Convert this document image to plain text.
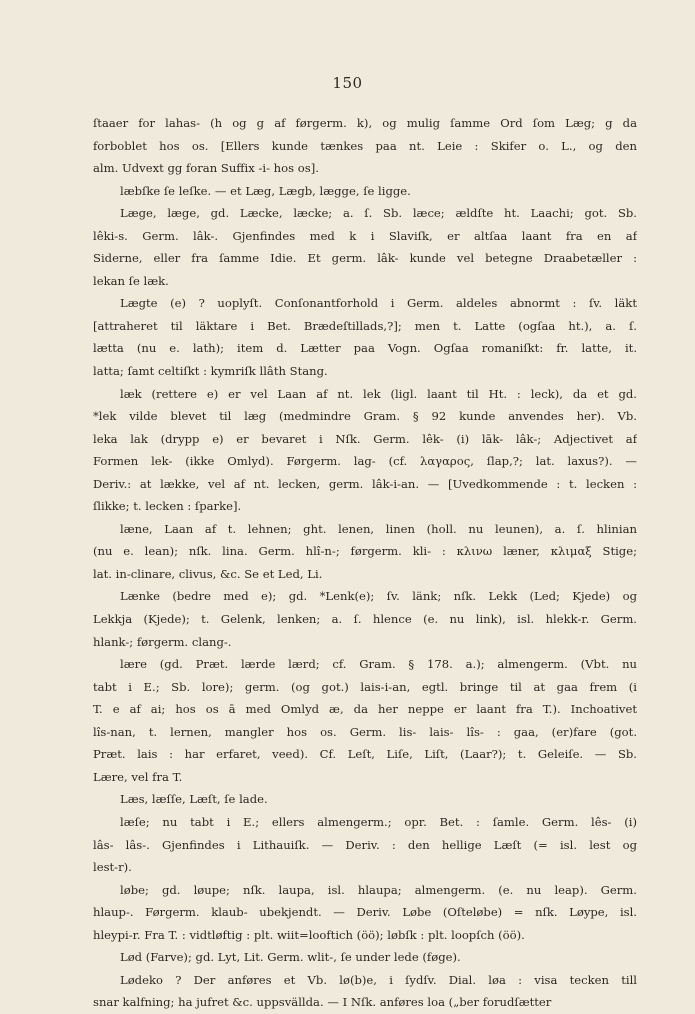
150
ſtaaer for lahas- (h og g af førgerm. k), og mulig ſamme Ord ſom Læg; g da
forboblet hos os. [Ellers kunde tænkes paa nt. Leie : Skifer o. L., og den
alm. Udvext gg foran Suffix -i- hos os].
læbſke ſe leſke. — et Læg, Lægb, lægge, ſe ligge.
Læge, læge, gd. Læcke, læcke; a. ſ. Sb. læce; ældſte ht. Laachi; got. Sb.
lêki-s. Germ. lâk-. Gjenfindes med k i Slaviſk, er altſaa laant fra en af
Siderne, eller fra ſamme Idie. Et germ. lâk- kunde vel betegne Draabetæller :
lekan ſe læk.
Lægte (e) ? uoplyſt. Conſonantforhold i Germ. aldeles abnormt : ſv. läkt
[attraheret til läktare i Bet. Brædeſtillads,?]; men t. Latte (ogſaa ht.), a. ſ.
lætta (nu e. lath); item d. Lætter paa Vogn. Ogſaa romaniſkt: fr. latte, it.
latta; ſamt celtiſkt : kymriſk llâth Stang.
læk (rettere e) er vel Laan af nt. lek (ligl. laant til Ht. : leck), da et gd.
*lek vilde blevet til læg (medmindre Gram. § 92 kunde anvendes her). Vb.
leka lak (drypp e) er bevaret i Nſk. Germ. lêk- (i) lāk- lâk-; Adjectivet af
Formen lek- (ikke Omlyd). Førgerm. lag- (cf. λαγαρος, ſlap,?; lat. laxus?). —
Deriv.: at lække, vel af nt. lecken, germ. lâk-i-an. — [Uvedkommende : t. lecken :
ſlikke; t. lecken : ſparke].
læne, Laan af t. lehnen; ght. lenen, linen (holl. nu leunen), a. ſ. hlinian
(nu e. lean); nſk. lina. Germ. hlî-n-; førgerm. kli- : κλινω læner, κλιμαξ Stige;
lat. in-clinare, clivus, &c. Se et Led, Li.
Lænke (bedre med e); gd. *Lenk(e); ſv. länk; nſk. Lekk (Led; Kjede) og
Lekkja (Kjede); t. Gelenk, lenken; a. ſ. hlence (e. nu link), isl. hlekk-r. Germ.
hlank-; førgerm. clang-.
lære (gd. Præt. lærde lærd; cf. Gram. § 178. a.); almengerm. (Vbt. nu
tabt i E.; Sb. lore); germ. (og got.) lais-i-an, egtl. bringe til at gaa frem (i
T. e af ai; hos os ā med Omlyd æ, da her neppe er laant fra T.). Inchoativet
lîs-nan, t. lernen, mangler hos os. Germ. lis- lais- lîs- : gaa, (er)fare (got.
Præt. lais : har erfaret, veed). Cf. Leſt, Liſe, Liſt, (Laar?); t. Geleiſe. — Sb.
Lære, vel fra T.
Læs, læſſe, Læſt, ſe lade.
læſe; nu tabt i E.; ellers almengerm.; opr. Bet. : ſamle. Germ. lês- (i)
lâs- lâs-. Gjenfindes i Lithauiſk. — Deriv. : den hellige Læſt (= isl. lest og
lest-r).
løbe; gd. løupe; nſk. laupa, isl. hlaupa; almengerm. (e. nu leap). Germ.
hlaup-. Førgerm. klaub- ubekjendt. — Deriv. Løbe (Oſteløbe) = nſk. Løype, isl.
hleypi-r. Fra T. : vidtløftig : plt. wiit=looftich (öö); løbſk : plt. loopſch (öö).
Lød (Farve); gd. Lyt, Lit. Germ. wlit-, ſe under lede (føge).
Lødeko ? Der anføres et Vb. lø(b)e, i ſydſv. Dial. løa : visa tecken till
snar kalfning; ha jufret &c. uppsvällda. — I Nſk. anføres loa („ber forudſætter
